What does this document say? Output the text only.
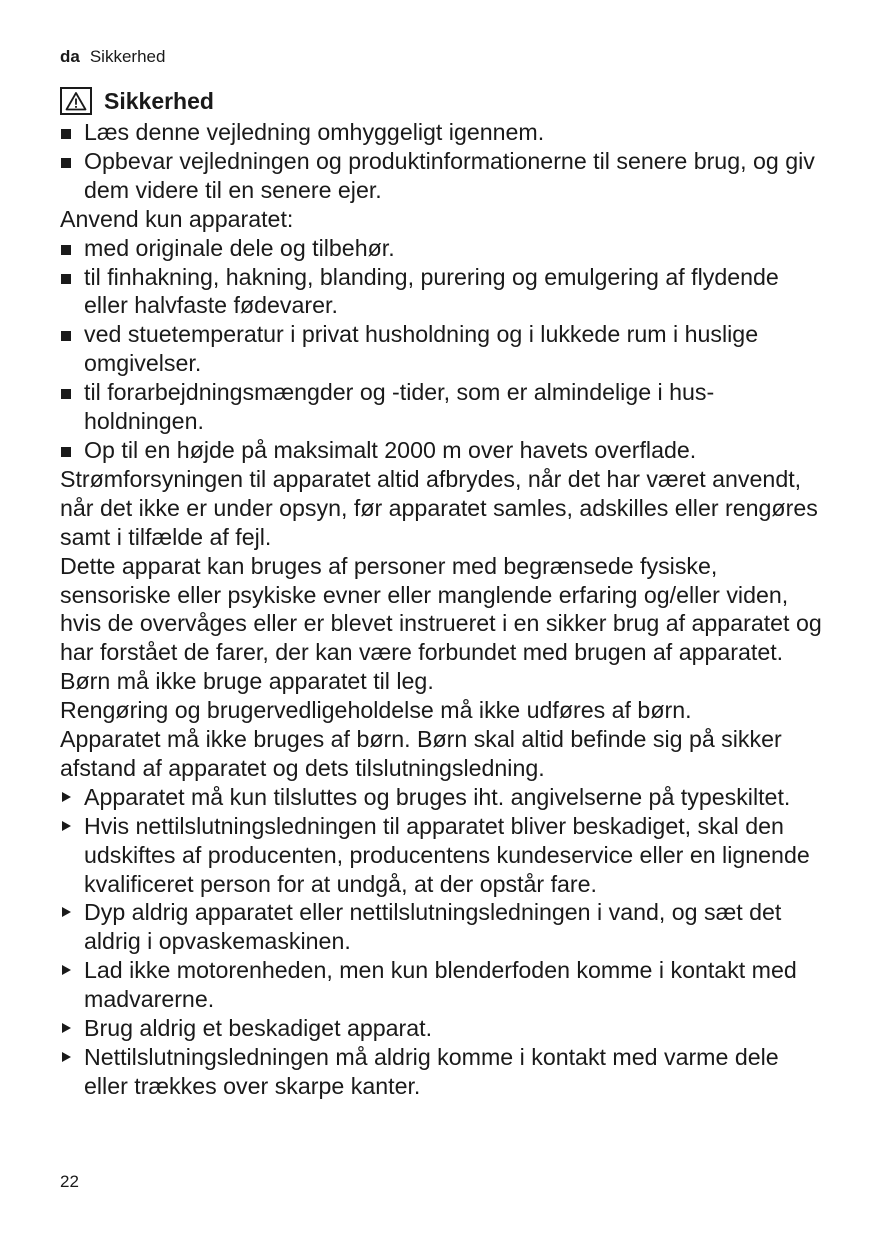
da Sikkerhed
Sikkerhed
Læs denne vejledning omhyggeligt igennem.
Opbevar vejledningen og produktinformationerne til senere brug, og giv dem videre til en senere ejer.

Anvend kun apparatet:

med originale dele og tilbehør.
til finhakning, hakning, blanding, purering og emulgering af flydende eller halvfaste fødevarer.
ved stuetemperatur i privat husholdning og i lukkede rum i huslige omgivelser.
til forarbejdningsmængder og -tider, som er almindelige i husholdningen.
Op til en højde på maksimalt 2000 m over havets overflade.

Strømforsyningen til apparatet altid afbrydes, når det har været anvendt, når det ikke er under opsyn, før apparatet samles, adskilles eller rengøres samt i tilfælde af fejl.

Dette apparat kan bruges af personer med begrænsede fysiske, sensoriske eller psykiske evner eller manglende erfaring og/eller viden, hvis de overvåges eller er blevet instrueret i en sikker brug af apparatet og har forstået de farer, der kan være forbundet med brugen af apparatet.

Børn må ikke bruge apparatet til leg.

Rengøring og brugervedligeholdelse må ikke udføres af børn.

Apparatet må ikke bruges af børn. Børn skal altid befinde sig på sikker afstand af apparatet og dets tilslutningsledning.

Apparatet må kun tilsluttes og bruges iht. angivelserne på typeskiltet.
Hvis nettilslutningsledningen til apparatet bliver beskadiget, skal den udskiftes af producenten, producentens kundeservice eller en lignende kvalificeret person for at undgå, at der opstår fare.
Dyp aldrig apparatet eller nettilslutningsledningen i vand, og sæt det aldrig i opvaskemaskinen.
Lad ikke motorenheden, men kun blenderfoden komme i kontakt med madvarerne.
Brug aldrig et beskadiget apparat.
Nettilslutningsledningen må aldrig komme i kontakt med varme dele eller trækkes over skarpe kanter.
22
